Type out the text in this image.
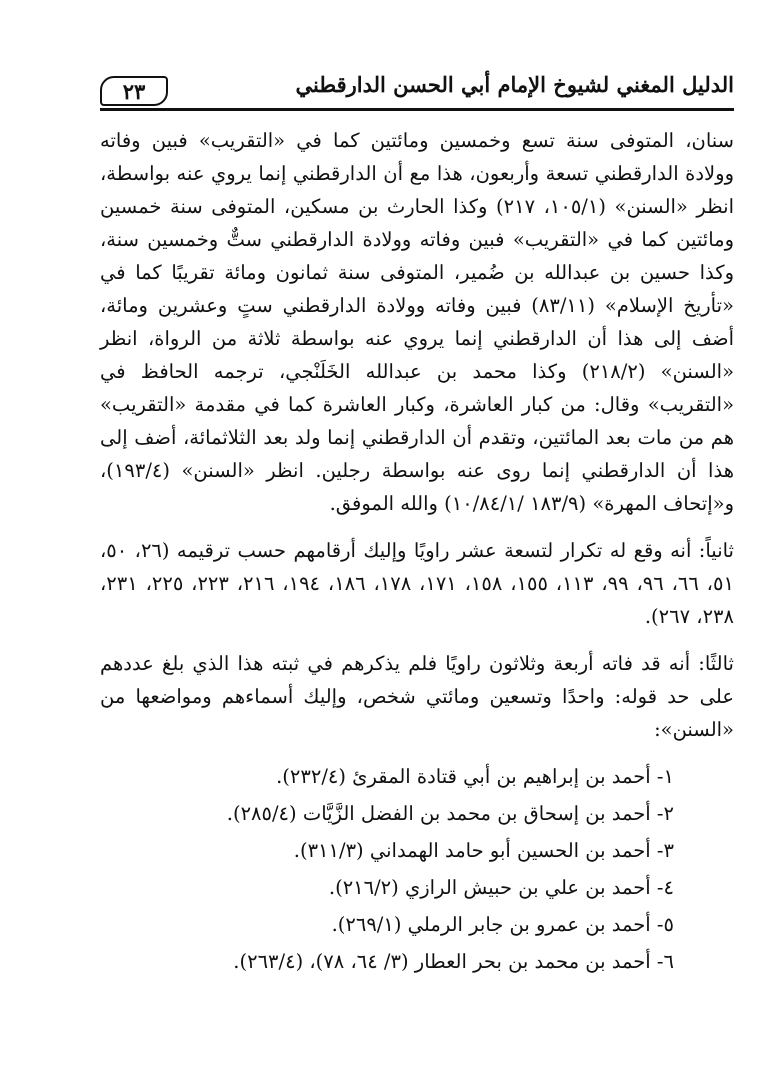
الدليل المغني لشيوخ الإمام أبي الحسن الدارقطني
٢٣

سنان، المتوفى سنة تسع وخمسين ومائتين كما في «التقريب» فبين وفاته وولادة الدارقطني تسعة وأربعون، هذا مع أن الدارقطني إنما يروي عنه بواسطة، انظر «السنن» (١٠٥/١، ٢١٧) وكذا الحارث بن مسكين، المتوفى سنة خمسين ومائتين كما في «التقريب» فبين وفاته وولادة الدارقطني ستٌّ وخمسين سنة، وكذا حسين بن عبدالله بن ضُمير، المتوفى سنة ثمانون ومائة تقريبًا كما في «تأريخ الإسلام» (٨٣/١١) فبين وفاته وولادة الدارقطني ستٍ وعشرين ومائة، أضف إلى هذا أن الدارقطني إنما يروي عنه بواسطة ثلاثة من الرواة، انظر «السنن» (٢١٨/٢) وكذا محمد بن عبدالله الخَلَنْجي، ترجمه الحافظ في «التقريب» وقال: من كبار العاشرة، وكبار العاشرة كما في مقدمة «التقريب» هم من مات بعد المائتين، وتقدم أن الدارقطني إنما ولد بعد الثلاثمائة، أضف إلى هذا أن الدارقطني إنما روى عنه بواسطة رجلين. انظر «السنن» (١٩٣/٤)، و«إتحاف المهرة» (١٨٣/٩ /١٠/٨٤/١) والله الموفق.

ثانياً: أنه وقع له تكرار لتسعة عشر راويًا وإليك أرقامهم حسب ترقيمه (٢٦، ٥٠، ٥١، ٦٦، ٩٦، ٩٩، ١١٣، ١٥٥، ١٥٨، ١٧١، ١٧٨، ١٨٦، ١٩٤، ٢١٦، ٢٢٣، ٢٢٥، ٢٣١، ٢٣٨، ٢٦٧).

ثالثًا: أنه قد فاته أربعة وثلاثون راويًا فلم يذكرهم في ثبته هذا الذي بلغ عددهم على حد قوله: واحدًا وتسعين ومائتي شخص، وإليك أسماءهم ومواضعها من «السنن»:

١- أحمد بن إبراهيم بن أبي قتادة المقرئ (٢٣٢/٤).

٢- أحمد بن إسحاق بن محمد بن الفضل الزَّيَّات (٢٨٥/٤).

٣- أحمد بن الحسين أبو حامد الهمداني (٣١١/٣).

٤- أحمد بن علي بن حبيش الرازي (٢١٦/٢).

٥- أحمد بن عمرو بن جابر الرملي (٢٦٩/١).

٦- أحمد بن محمد بن بحر العطار (٣/ ٦٤، ٧٨)، (٢٦٣/٤).
